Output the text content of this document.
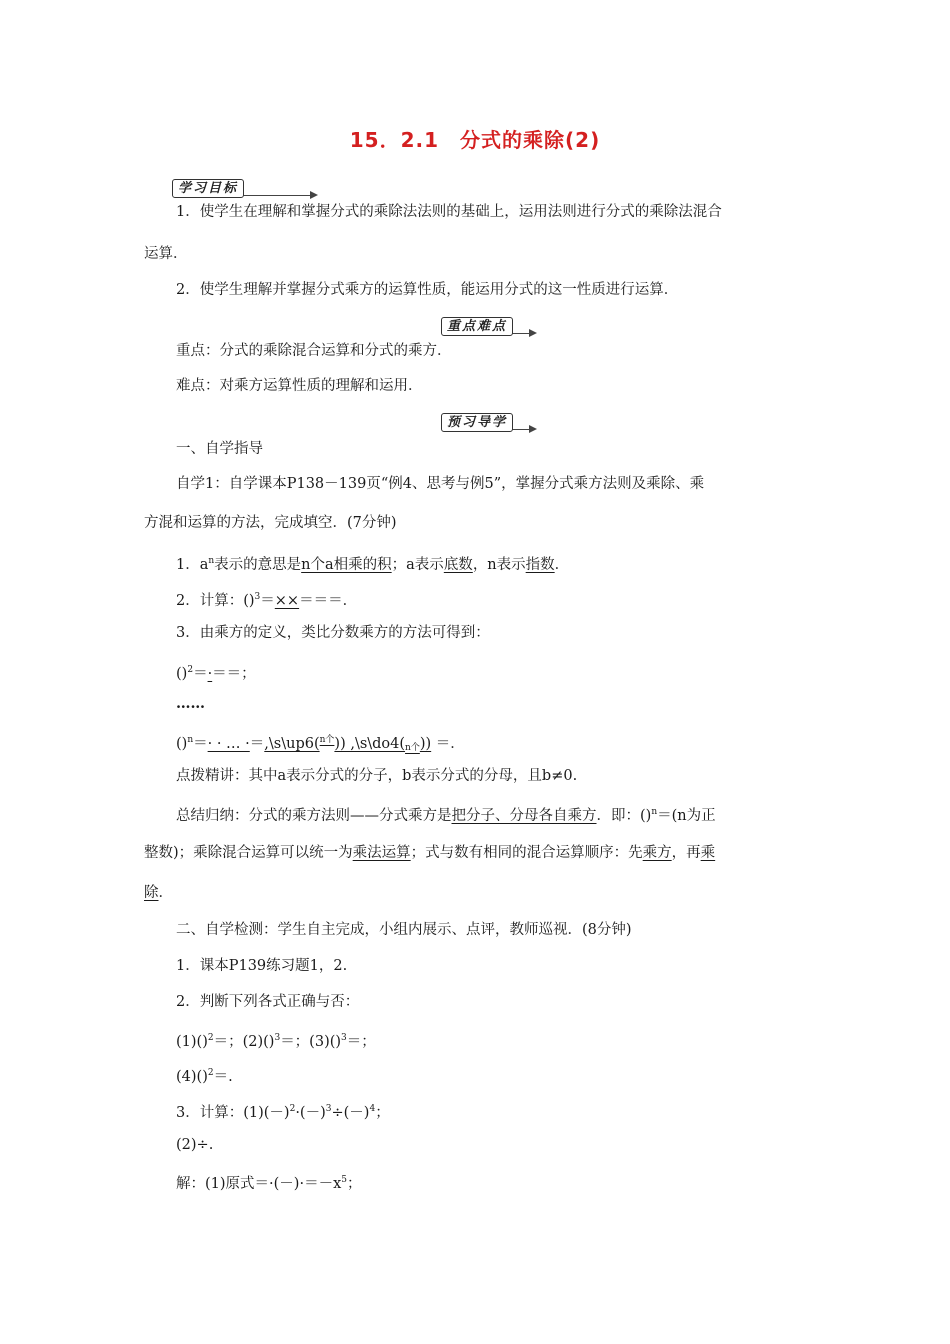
15．2.1　分式的乘除(2)
学习目标
1．使学生在理解和掌握分式的乘除法法则的基础上，运用法则进行分式的乘除法混合
运算．
2．使学生理解并掌握分式乘方的运算性质，能运用分式的这一性质进行运算．
重点难点
重点：分式的乘除混合运算和分式的乘方．
难点：对乘方运算性质的理解和运用．
预习导学
一、自学指导
自学1：自学课本P138－139页“例4、思考与例5”，掌握分式乘方法则及乘除、乘
方混和运算的方法，完成填空．(7分钟)
1．$a^n$表示的意思是n个a相乘的积；a表示底数，n表示指数．
2．计算：()$^3$＝××＝＝＝．
3．由乘方的定义，类比分数乘方的方法可得到：
()$^2$＝·＝＝；
……
()$^n$＝· · … ·＝,\s\up6($^{n个}$)) $,\backslash s\backslash do4(_{n个})$) ＝．
点拨精讲：其中a表示分式的分子，b表示分式的分母，且b≠0.
总结归纳：分式的乘方法则——分式乘方是把分子、分母各自乘方．即：()$^n$＝(n为正
整数)；乘除混合运算可以统一为乘法运算；式与数有相同的混合运算顺序：先乘方，再乘
除．
二、自学检测：学生自主完成，小组内展示、点评，教师巡视．(8分钟)
1．课本P139练习题1，2.
2．判断下列各式正确与否：
(1)()$^2$＝；(2)()$^3$＝；(3)()$^3$＝；
(4)()$^2$＝.
3．计算：$(1)(-)^2\cdot(-)^3\div(-)^4$；
(2)÷.
解：(1)原式$=\cdot(-)\cdot=-x^5$；
